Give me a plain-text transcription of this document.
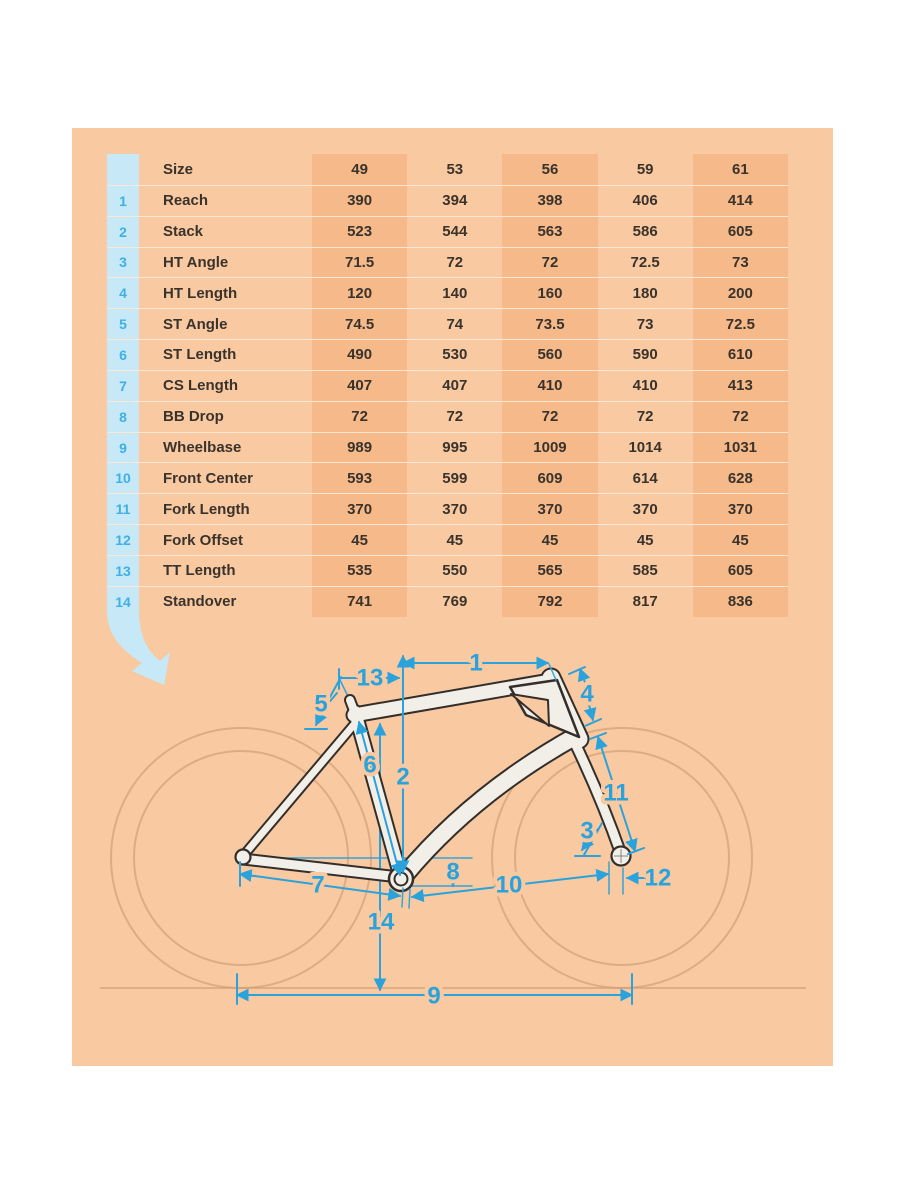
Size	49	53	56	59	61
1	Reach	390	394	398	406	414
2	Stack	523	544	563	586	605
3	HT Angle	71.5	72	72	72.5	73
4	HT Length	120	140	160	180	200
5	ST Angle	74.5	74	73.5	73	72.5
6	ST Length	490	530	560	590	610
7	CS Length	407	407	410	410	413
8	BB Drop	72	72	72	72	72
9	Wheelbase	989	995	1009	1014	1031
10	Front Center	593	599	609	614	628
11	Fork Length	370	370	370	370	370
12	Fork Offset	45	45	45	45	45
13	TT Length	535	550	565	585	605
14	Standover	741	769	792	817	836
1
2
3
4
5
6
7	8
9
10
11
12
13
14
